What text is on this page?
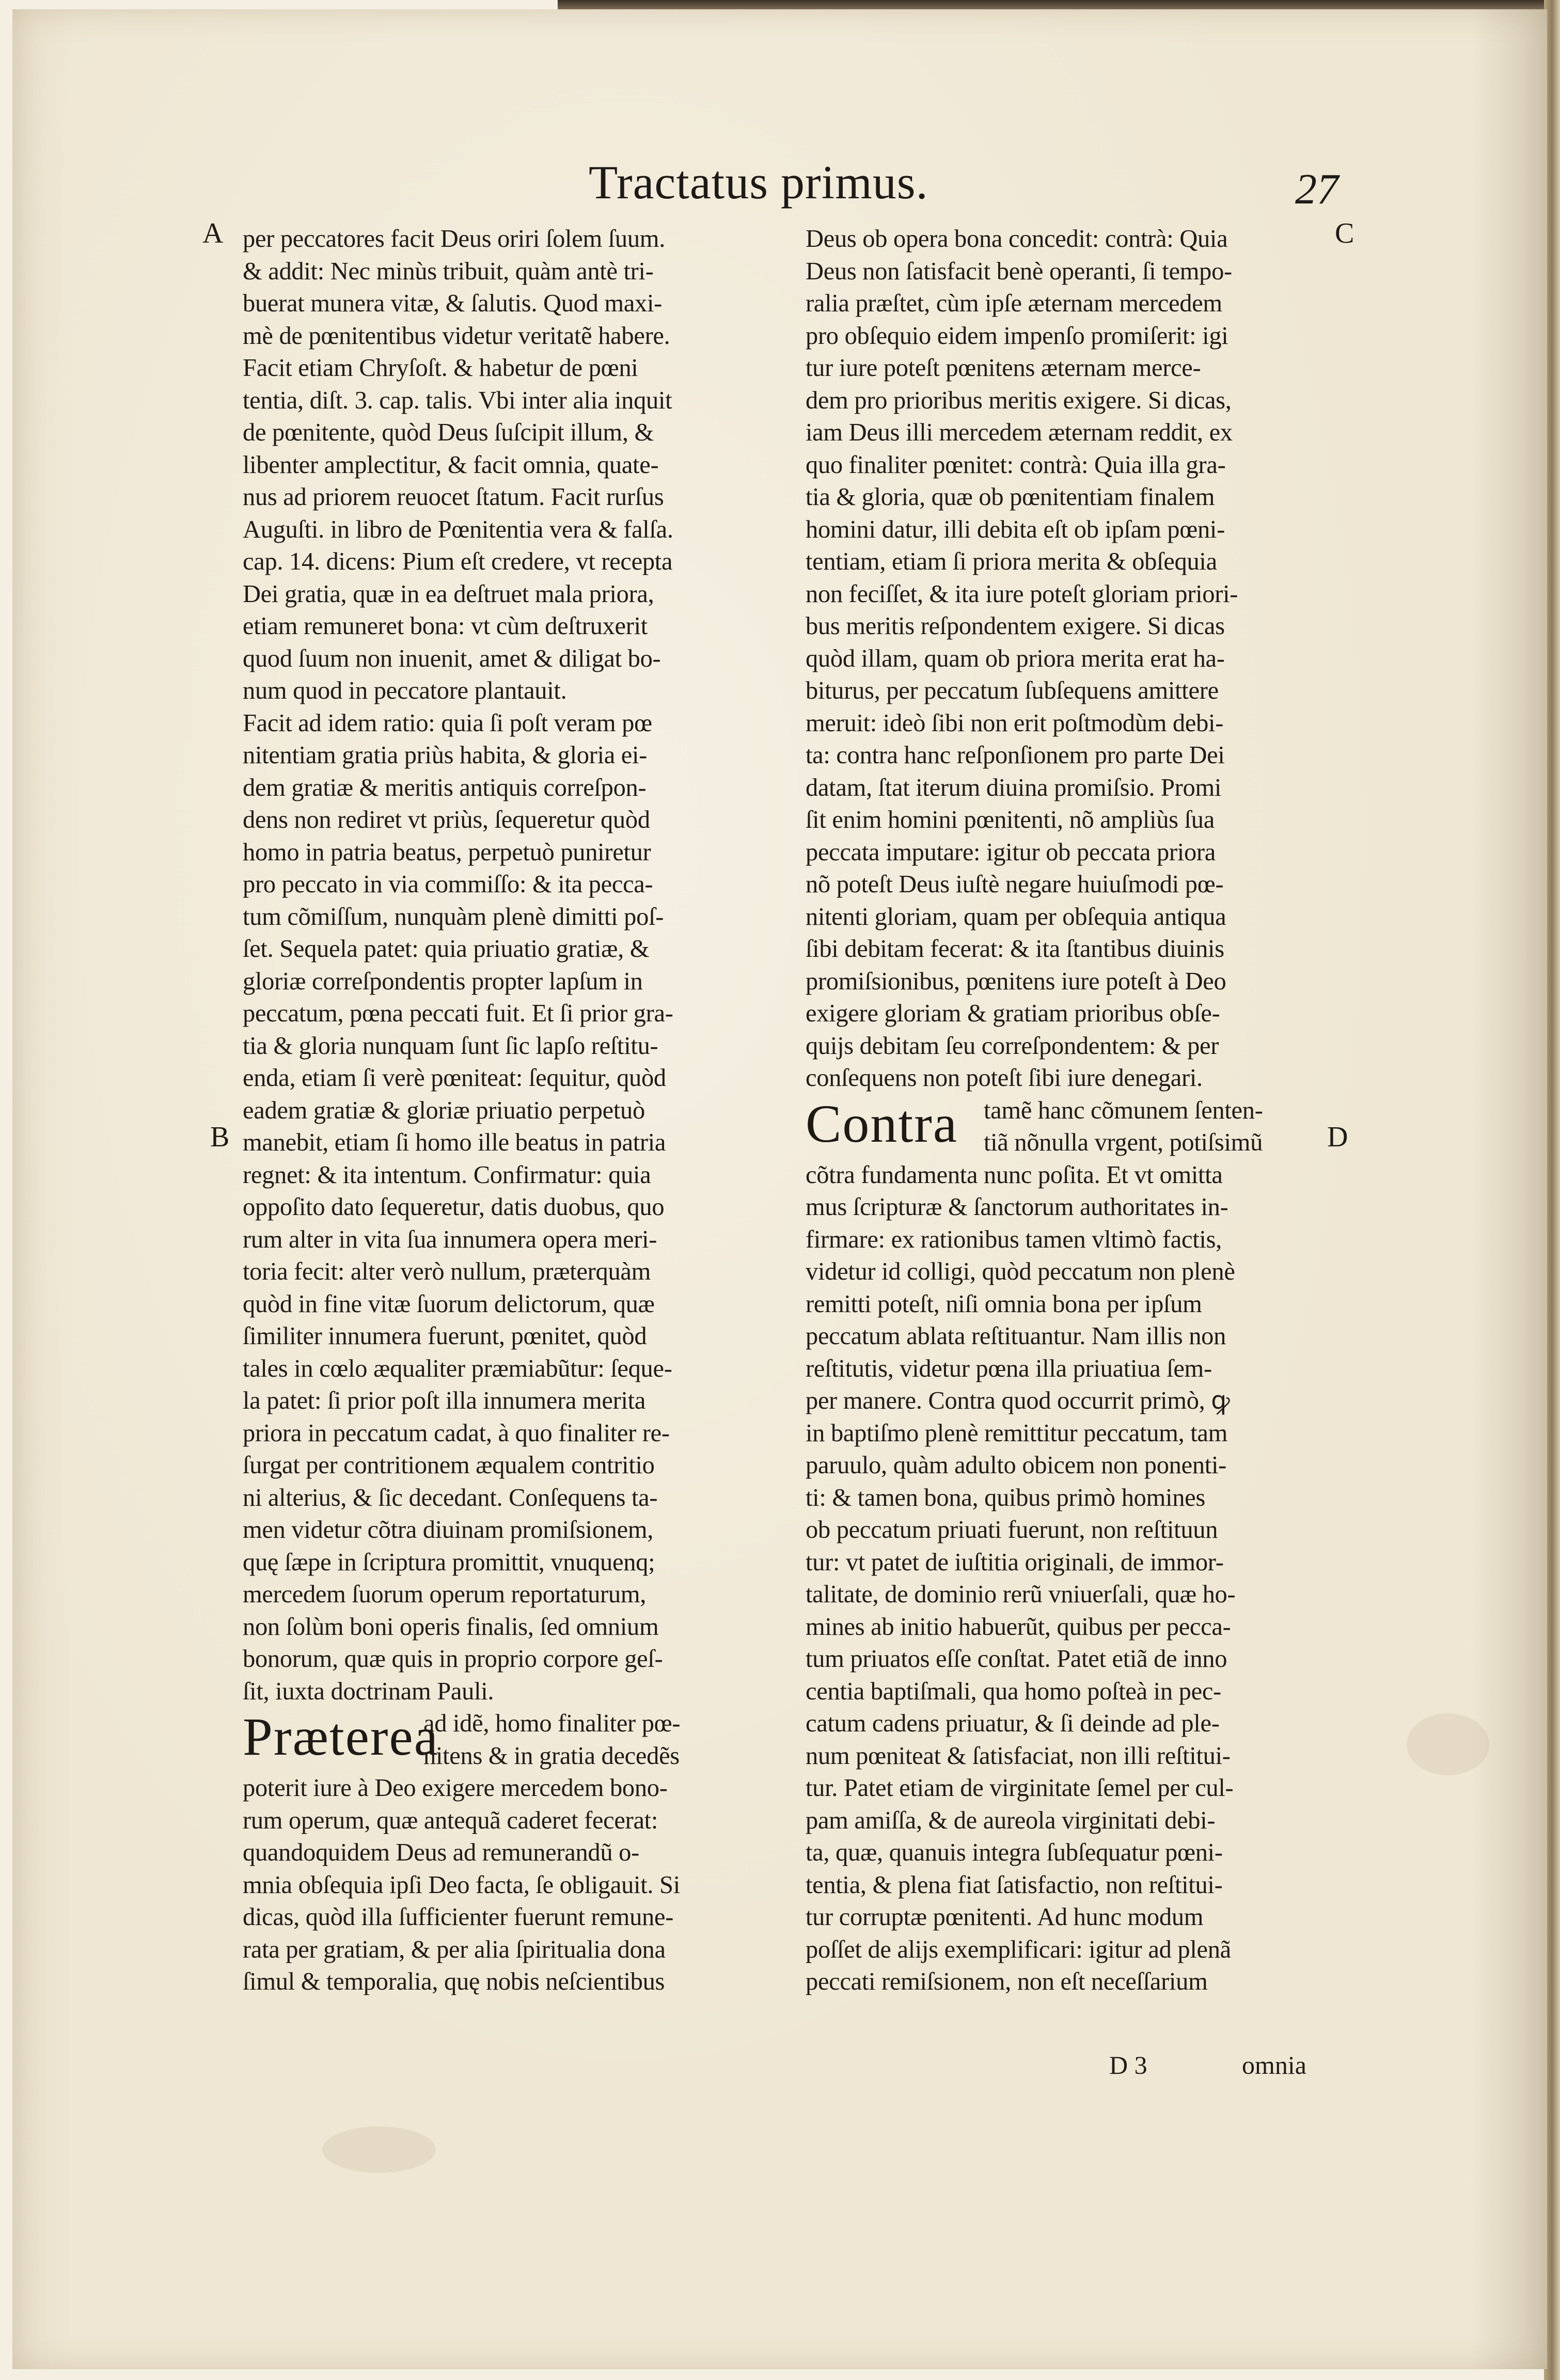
Tractatus primus.	27
A
B
C
D
per peccatores facit Deus oriri ſolem ſuum.
& addit: Nec minùs tribuit, quàm antè tri-
buerat munera vitæ, & ſalutis. Quod maxi-
mè de pœnitentibus videtur veritatẽ habere.
Facit etiam Chryſoſt. & habetur de pœni
tentia, diſt. 3. cap. talis. Vbi inter alia inquit
de pœnitente, quòd Deus ſuſcipit illum, &
libenter amplectitur, & facit omnia, quate-
nus ad priorem reuocet ſtatum. Facit rurſus
Auguſti. in libro de Pœnitentia vera & falſa.
cap. 14. dicens: Pium eſt credere, vt recepta
Dei gratia, quæ in ea deſtruet mala priora,
etiam remuneret bona: vt cùm deſtruxerit
quod ſuum non inuenit, amet & diligat bo-
num quod in peccatore plantauit.
Facit ad idem ratio: quia ſi poſt veram pœ
nitentiam gratia priùs habita, & gloria ei-
dem gratiæ & meritis antiquis correſpon-
dens non rediret vt priùs, ſequeretur quòd
homo in patria beatus, perpetuò puniretur
pro peccato in via commiſſo: & ita pecca-
tum cõmiſſum, nunquàm plenè dimitti poſ-
ſet. Sequela patet: quia priuatio gratiæ, &
gloriæ correſpondentis propter lapſum in
peccatum, pœna peccati fuit. Et ſi prior gra-
tia & gloria nunquam ſunt ſic lapſo reſtitu-
enda, etiam ſi verè pœniteat: ſequitur, quòd
eadem gratiæ & gloriæ priuatio perpetuò
manebit, etiam ſi homo ille beatus in patria
regnet: & ita intentum. Confirmatur: quia
oppoſito dato ſequeretur, datis duobus, quo
rum alter in vita ſua innumera opera meri-
toria fecit: alter verò nullum, præterquàm
quòd in fine vitæ ſuorum delictorum, quæ
ſimiliter innumera fuerunt, pœnitet, quòd
tales in cœlo æqualiter præmiabũtur: ſeque-
la patet: ſi prior poſt illa innumera merita
priora in peccatum cadat, à quo finaliter re-
ſurgat per contritionem æqualem contritio
ni alterius, & ſic decedant. Conſequens ta-
men videtur cõtra diuinam promiſsionem,
quę ſæpe in ſcriptura promittit, vnuquenq;
mercedem ſuorum operum reportaturum,
non ſolùm boni operis finalis, ſed omnium
bonorum, quæ quis in proprio corpore geſ-
ſit, iuxta doctrinam Pauli.
Præterea
ad idẽ, homo finaliter pœ-
nitens & in gratia decedẽs
poterit iure à Deo exigere mercedem bono-
rum operum, quæ antequã caderet fecerat:
quandoquidem Deus ad remunerandũ o-
mnia obſequia ipſi Deo facta, ſe obligauit. Si
dicas, quòd illa ſufficienter fuerunt remune-
rata per gratiam, & per alia ſpiritualia dona
ſimul & temporalia, quę nobis neſcientibus
Deus ob opera bona concedit: contrà: Quia
Deus non ſatisfacit benè operanti, ſi tempo-
ralia præſtet, cùm ipſe æternam mercedem
pro obſequio eidem impenſo promiſerit: igi
tur iure poteſt pœnitens æternam merce-
dem pro prioribus meritis exigere. Si dicas,
iam Deus illi mercedem æternam reddit, ex
quo finaliter pœnitet: contrà: Quia illa gra-
tia & gloria, quæ ob pœnitentiam finalem
homini datur, illi debita eſt ob ipſam pœni-
tentiam, etiam ſi priora merita & obſequia
non feciſſet, & ita iure poteſt gloriam priori-
bus meritis reſpondentem exigere. Si dicas
quòd illam, quam ob priora merita erat ha-
biturus, per peccatum ſubſequens amittere
meruit: ideò ſibi non erit poſtmodùm debi-
ta: contra hanc reſponſionem pro parte Dei
datam, ſtat iterum diuina promiſsio. Promi
ſit enim homini pœnitenti, nõ ampliùs ſua
peccata imputare: igitur ob peccata priora
nõ poteſt Deus iuſtè negare huiuſmodi pœ-
nitenti gloriam, quam per obſequia antiqua
ſibi debitam fecerat: & ita ſtantibus diuinis
promiſsionibus, pœnitens iure poteſt à Deo
exigere gloriam & gratiam prioribus obſe-
quijs debitam ſeu correſpondentem: & per
conſequens non poteſt ſibi iure denegari.
Contra tamẽ hanc cõmunem ſenten-
tiã nõnulla vrgent, potiſsimũ
cõtra fundamenta nunc poſita. Et vt omitta
mus ſcripturæ & ſanctorum authoritates in-
firmare: ex rationibus tamen vltimò factis,
videtur id colligi, quòd peccatum non plenè
remitti poteſt, niſi omnia bona per ipſum
peccatum ablata reſtituantur. Nam illis non
reſtitutis, videtur pœna illa priuatiua ſem-
per manere. Contra quod occurrit primò, ꝙ
in baptiſmo plenè remittitur peccatum, tam
paruulo, quàm adulto obicem non ponenti-
ti: & tamen bona, quibus primò homines
ob peccatum priuati fuerunt, non reſtituun
tur: vt patet de iuſtitia originali, de immor-
talitate, de dominio rerũ vniuerſali, quæ ho-
mines ab initio habuerũt, quibus per pecca-
tum priuatos eſſe conſtat. Patet etiã de inno
centia baptiſmali, qua homo poſteà in pec-
catum cadens priuatur, & ſi deinde ad ple-
num pœniteat & ſatisfaciat, non illi reſtitui-
tur. Patet etiam de virginitate ſemel per cul-
pam amiſſa, & de aureola virginitati debi-
ta, quæ, quanuis integra ſubſequatur pœni-
tentia, & plena fiat ſatisfactio, non reſtitui-
tur corruptæ pœnitenti. Ad hunc modum
poſſet de alijs exemplificari: igitur ad plenã
peccati remiſsionem, non eſt neceſſarium
D 3	omnia
